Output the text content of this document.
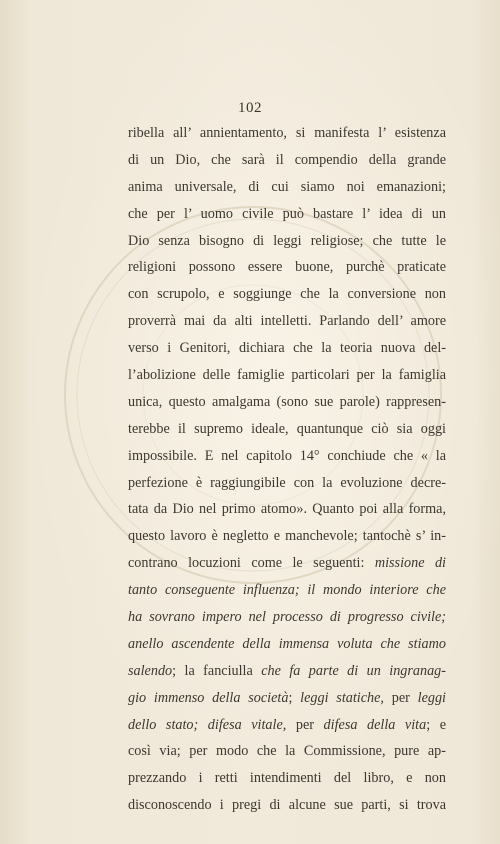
102
ribella all’ annientamento, si manifesta l’ esistenza
di un Dio, che sarà il compendio della grande
anima universale, di cui siamo noi emanazioni;
che per l’ uomo civile può bastare l’ idea di un
Dio senza bisogno di leggi religiose; che tutte le
religioni possono essere buone, purchè praticate
con scrupolo, e soggiunge che la conversione non
proverrà mai da alti intelletti. Parlando dell’ amore
verso i Genitori, dichiara che la teoria nuova del-
l’abolizione delle famiglie particolari per la famiglia
unica, questo amalgama (sono sue parole) rappresen-
terebbe il supremo ideale, quantunque ciò sia oggi
impossibile. E nel capitolo 14° conchiude che « la
perfezione è raggiungibile con la evoluzione decre-
tata da Dio nel primo atomo». Quanto poi alla forma,
questo lavoro è negletto e manchevole; tantochè s’ in-
contrano locuzioni come le seguenti: missione di
tanto conseguente influenza; il mondo interiore che
ha sovrano impero nel processo di progresso civile;
anello ascendente della immensa voluta che stiamo
salendo; la fanciulla che fa parte di un ingranag-
gio immenso della società; leggi statiche, per leggi
dello stato; difesa vitale, per difesa della vita; e
così via; per modo che la Commissione, pure ap-
prezzando i retti intendimenti del libro, e non
disconoscendo i pregi di alcune sue parti, si trova
